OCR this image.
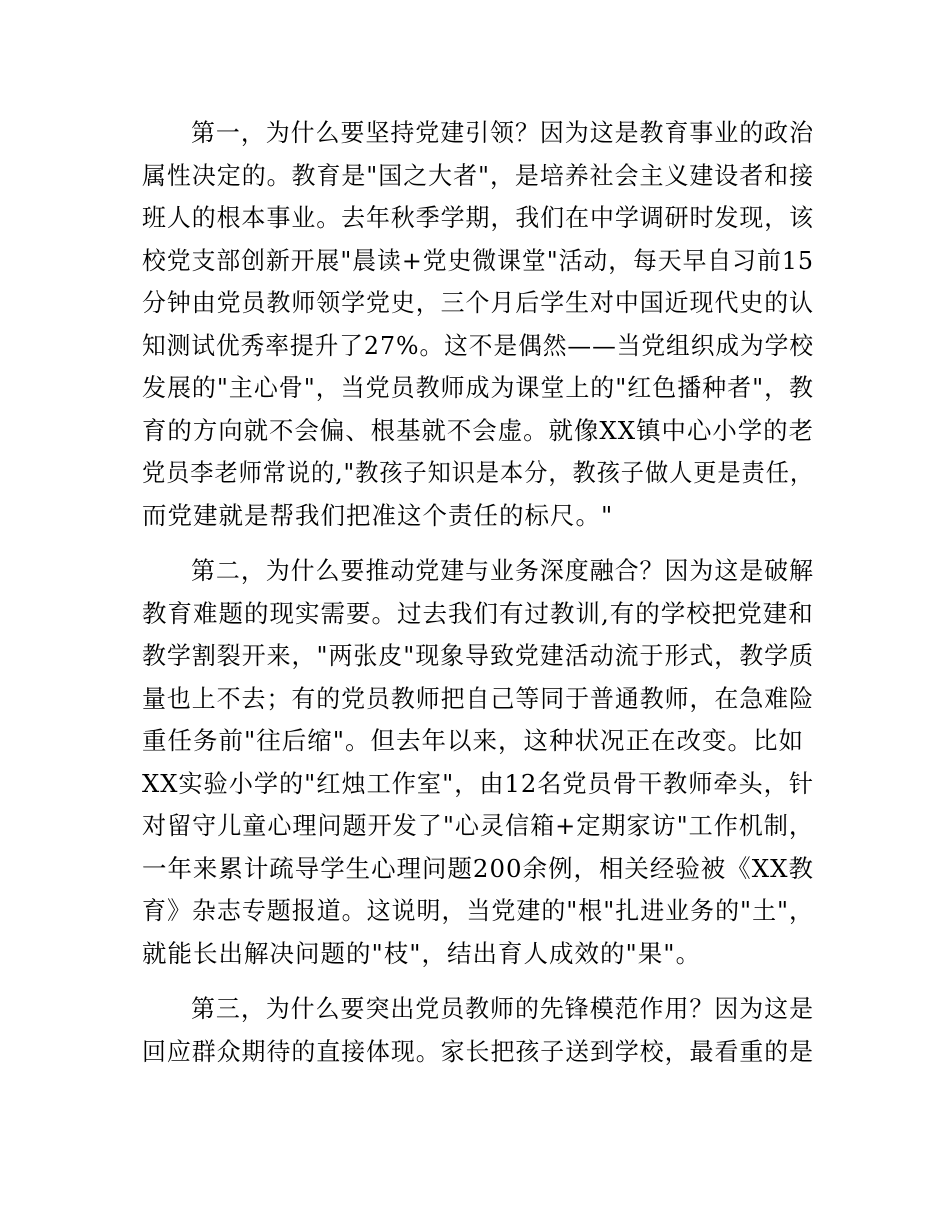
第一，为什么要坚持党建引领？因为这是教育事业的政治
属性决定的。教育是"国之大者"，是培养社会主义建设者和接
班人的根本事业。去年秋季学期，我们在中学调研时发现，该
校党支部创新开展"晨读+党史微课堂"活动，每天早自习前15
分钟由党员教师领学党史，三个月后学生对中国近现代史的认
知测试优秀率提升了27%。这不是偶然——当党组织成为学校
发展的"主心骨"，当党员教师成为课堂上的"红色播种者"，教
育的方向就不会偏、根基就不会虚。就像XX镇中心小学的老
党员李老师常说的,"教孩子知识是本分，教孩子做人更是责任，
而党建就是帮我们把准这个责任的标尺。"
第二，为什么要推动党建与业务深度融合？因为这是破解
教育难题的现实需要。过去我们有过教训,有的学校把党建和
教学割裂开来，"两张皮"现象导致党建活动流于形式，教学质
量也上不去；有的党员教师把自己等同于普通教师，在急难险
重任务前"往后缩"。但去年以来，这种状况正在改变。比如
XX实验小学的"红烛工作室"，由12名党员骨干教师牵头，针
对留守儿童心理问题开发了"心灵信箱+定期家访"工作机制，
一年来累计疏导学生心理问题200余例，相关经验被《XX教
育》杂志专题报道。这说明，当党建的"根"扎进业务的"土"，
就能长出解决问题的"枝"，结出育人成效的"果"。
第三，为什么要突出党员教师的先锋模范作用？因为这是
回应群众期待的直接体现。家长把孩子送到学校，最看重的是
